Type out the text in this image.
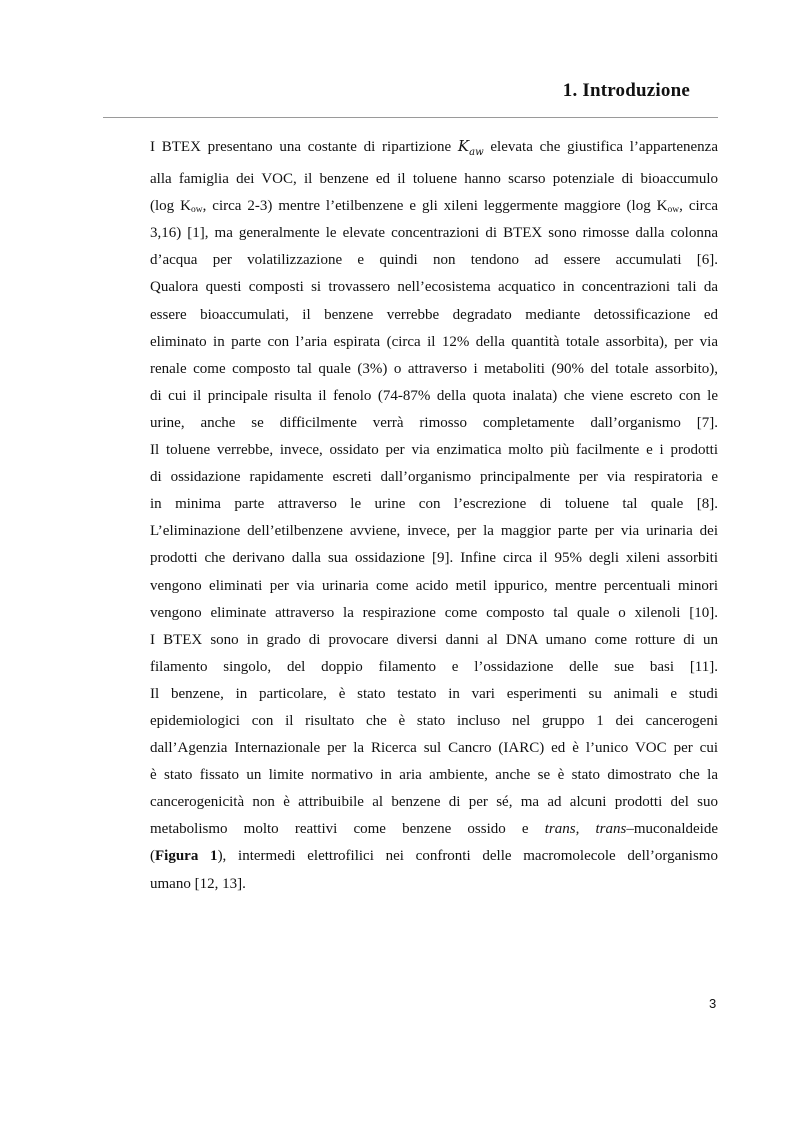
1. Introduzione
I BTEX presentano una costante di ripartizione $K_{aw}$ elevata che giustifica l’appartenenza
alla famiglia dei VOC, il benzene ed il toluene hanno scarso potenziale di bioaccumulo
(log $K_{ow}$, circa 2-3) mentre l’etilbenzene e gli xileni leggermente maggiore (log $K_{ow}$, circa
3,16) [1], ma generalmente le elevate concentrazioni di BTEX sono rimosse dalla colonna
d’acqua per volatilizzazione e quindi non tendono ad essere accumulati [6].
Qualora questi composti si trovassero nell’ecosistema acquatico in concentrazioni tali da
essere bioaccumulati, il benzene verrebbe degradato mediante detossificazione ed
eliminato in parte con l’aria espirata (circa il 12% della quantità totale assorbita), per via
renale come composto tal quale (3%) o attraverso i metaboliti (90% del totale assorbito),
di cui il principale risulta il fenolo (74-87% della quota inalata) che viene escreto con le
urine, anche se difficilmente verrà rimosso completamente dall’organismo [7].
Il toluene verrebbe, invece, ossidato per via enzimatica molto più facilmente e i prodotti
di ossidazione rapidamente escreti dall’organismo principalmente per via respiratoria e
in minima parte attraverso le urine con l’escrezione di toluene tal quale [8].
L’eliminazione dell’etilbenzene avviene, invece, per la maggior parte per via urinaria dei
prodotti che derivano dalla sua ossidazione [9]. Infine circa il 95% degli xileni assorbiti
vengono eliminati per via urinaria come acido metil ippurico, mentre percentuali minori
vengono eliminate attraverso la respirazione come composto tal quale o xilenoli [10].
I BTEX sono in grado di provocare diversi danni al DNA umano come rotture di un
filamento singolo, del doppio filamento e l’ossidazione delle sue basi [11].
Il benzene, in particolare, è stato testato in vari esperimenti su animali e studi
epidemiologici con il risultato che è stato incluso nel gruppo 1 dei cancerogeni
dall’Agenzia Internazionale per la Ricerca sul Cancro (IARC) ed è l’unico VOC per cui
è stato fissato un limite normativo in aria ambiente, anche se è stato dimostrato che la
cancerogenicità non è attribuibile al benzene di per sé, ma ad alcuni prodotti del suo
metabolismo molto reattivi come benzene ossido e trans, trans–muconaldeide
(Figura 1), intermedi elettrofilici nei confronti delle macromolecole dell’organismo
umano [12, 13].
3
